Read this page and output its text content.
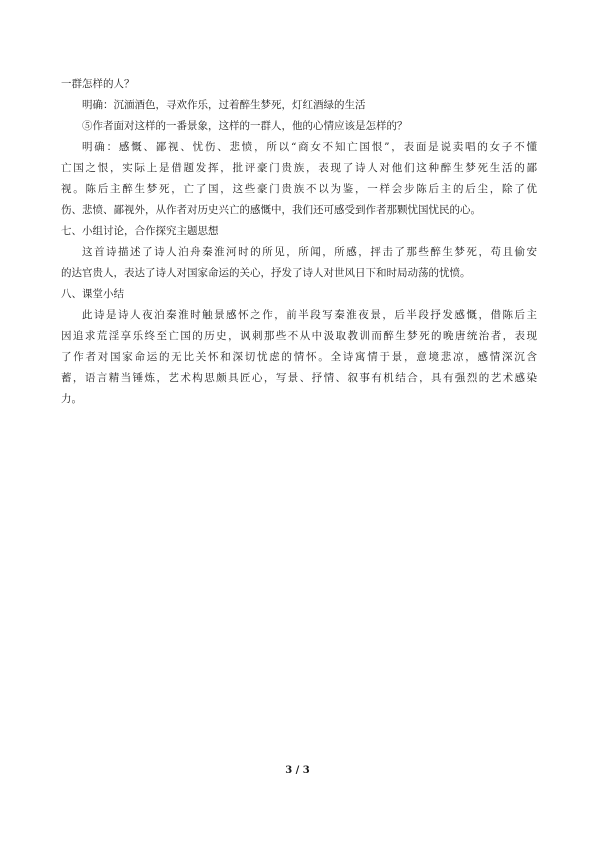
一群怎样的人？
明确：沉湎酒色，寻欢作乐，过着醉生梦死，灯红酒绿的生活
⑤作者面对这样的一番景象，这样的一群人，他的心情应该是怎样的？
明确：感慨、鄙视、忧伤、悲愤，所以“商女不知亡国恨”，表面是说卖唱的女子不懂
亡国之恨，实际上是借题发挥，批评豪门贵族，表现了诗人对他们这种醉生梦死生活的鄙
视。陈后主醉生梦死，亡了国，这些豪门贵族不以为鉴，一样会步陈后主的后尘，除了优
伤、悲愤、鄙视外，从作者对历史兴亡的感慨中，我们还可感受到作者那颗忧国忧民的心。
七、小组讨论，合作探究主题思想
这首诗描述了诗人泊舟秦淮河时的所见，所闻，所感，抨击了那些醉生梦死，苟且偷安
的达官贵人，表达了诗人对国家命运的关心，抒发了诗人对世风日下和时局动荡的忧愤。
八、课堂小结
此诗是诗人夜泊秦淮时触景感怀之作，前半段写秦淮夜景，后半段抒发感慨，借陈后主
因追求荒淫享乐终至亡国的历史，讽刺那些不从中汲取教训而醉生梦死的晚唐统治者，表现
了作者对国家命运的无比关怀和深切忧虑的情怀。全诗寓情于景，意境悲凉，感情深沉含
蓄，语言精当锤炼，艺术构思颇具匠心，写景、抒情、叙事有机结合，具有强烈的艺术感染
力。
3 / 3
